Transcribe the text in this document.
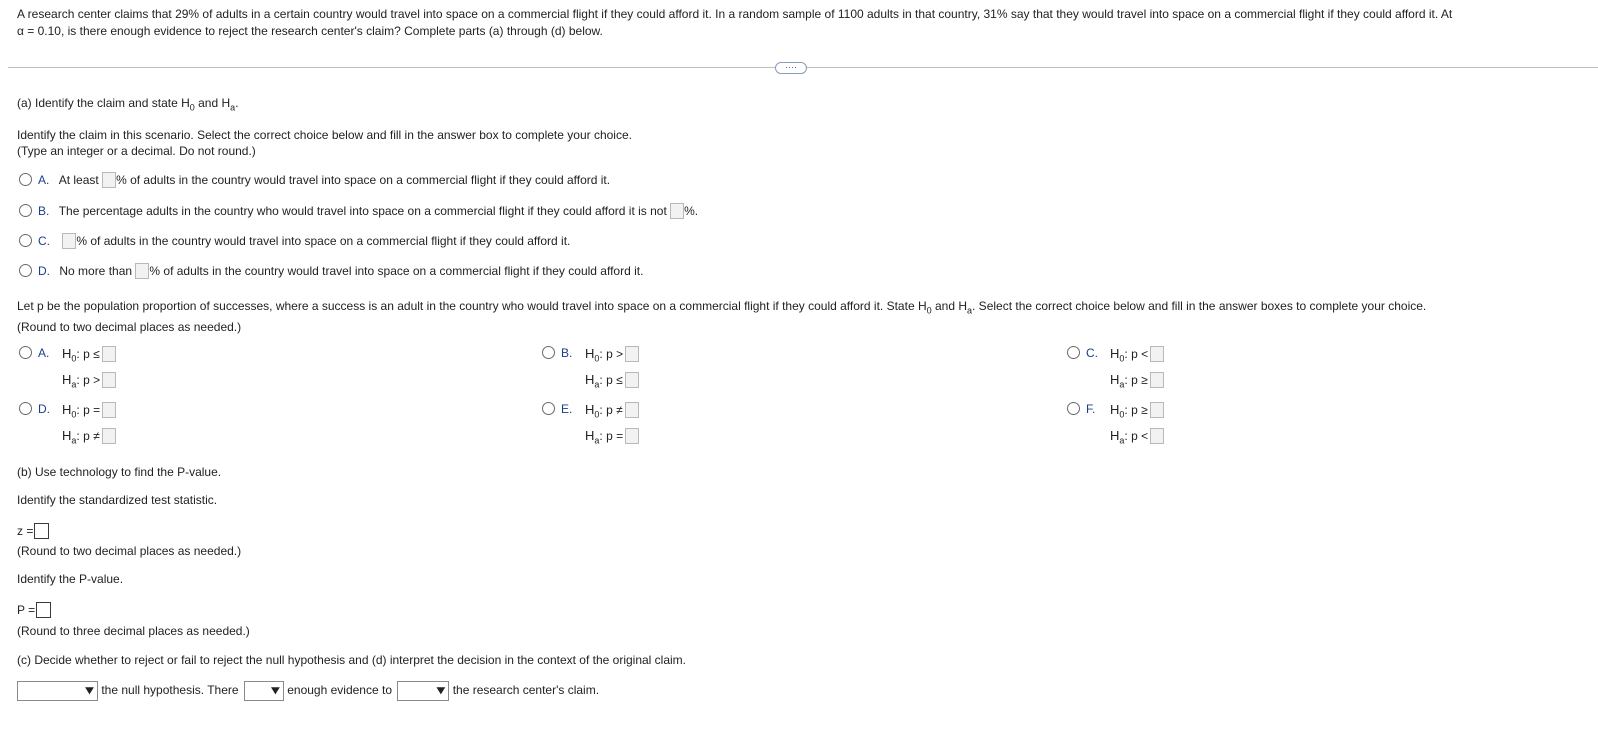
A research center claims that 29% of adults in a certain country would travel into space on a commercial flight if they could afford it. In a random sample of 1100 adults in that country, 31% say that they would travel into space on a commercial flight if they could afford it. At
α = 0.10, is there enough evidence to reject the research center's claim? Complete parts (a) through (d) below.
····
(a) Identify the claim and state $H_0$ and $H_a$.
Identify the claim in this scenario. Select the correct choice below and fill in the answer box to complete your choice.
(Type an integer or a decimal. Do not round.)
A. At least % of adults in the country would travel into space on a commercial flight if they could afford it.
B. The percentage adults in the country who would travel into space on a commercial flight if they could afford it is not %.
C. % of adults in the country would travel into space on a commercial flight if they could afford it.
D. No more than % of adults in the country would travel into space on a commercial flight if they could afford it.
Let p be the population proportion of successes, where a success is an adult in the country who would travel into space on a commercial flight if they could afford it. State $H_0$ and $H_a$. Select the correct choice below and fill in the answer boxes to complete your choice.
(Round to two decimal places as needed.)
A. $H_0$: p ≤
$H_a$: p >
B. $H_0$: p >
$H_a$: p ≤
C. $H_0$: p <
$H_a$: p ≥
D. $H_0$: p =
$H_a$: p ≠
E. $H_0$: p ≠
$H_a$: p =
F. $H_0$: p ≥
$H_a$: p <
(b) Use technology to find the P-value.
Identify the standardized test statistic.
z =
(Round to two decimal places as needed.)
Identify the P-value.
P =
(Round to three decimal places as needed.)
(c) Decide whether to reject or fail to reject the null hypothesis and (d) interpret the decision in the context of the original claim.
the null hypothesis. There	enough evidence to	the research center's claim.
